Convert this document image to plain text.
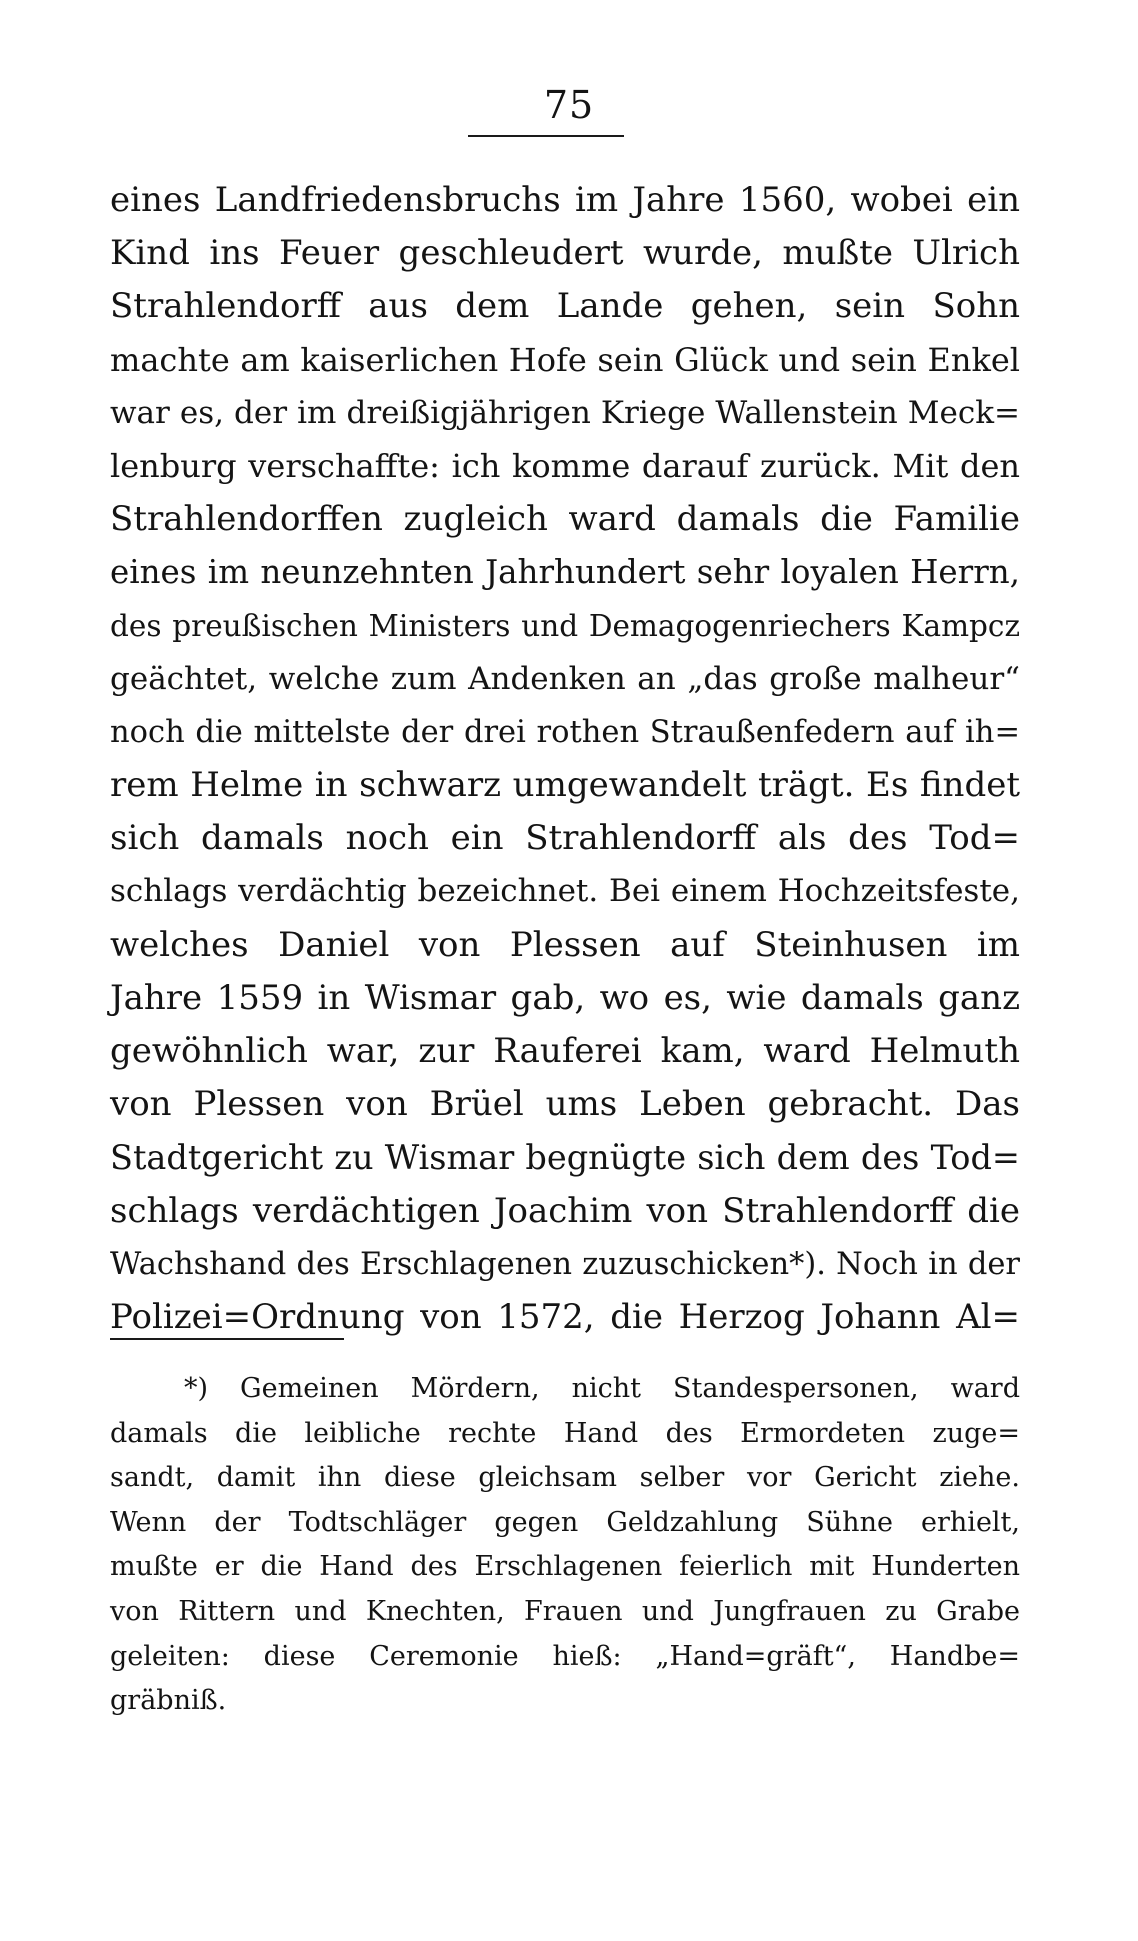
75
eines Landfriedensbruchs im Jahre 1560, wobei ein
Kind ins Feuer geschleudert wurde, mußte Ulrich
Strahlendorff aus dem Lande gehen, sein Sohn
machte am kaiserlichen Hofe sein Glück und sein Enkel
war es, der im dreißigjährigen Kriege Wallenstein Meck=
lenburg verschaffte: ich komme darauf zurück. Mit den
Strahlendorffen zugleich ward damals die Familie
eines im neunzehnten Jahrhundert sehr loyalen Herrn,
des preußischen Ministers und Demagogenriechers Kampcz
geächtet, welche zum Andenken an „das große malheur“
noch die mittelste der drei rothen Straußenfedern auf ih=
rem Helme in schwarz umgewandelt trägt. Es findet
sich damals noch ein Strahlendorff als des Tod=
schlags verdächtig bezeichnet. Bei einem Hochzeitsfeste,
welches Daniel von Plessen auf Steinhusen im
Jahre 1559 in Wismar gab, wo es, wie damals ganz
gewöhnlich war, zur Rauferei kam, ward Helmuth
von Plessen von Brüel ums Leben gebracht. Das
Stadtgericht zu Wismar begnügte sich dem des Tod=
schlags verdächtigen Joachim von Strahlendorff die
Wachshand des Erschlagenen zuzuschicken*). Noch in der
Polizei=Ordnung von 1572, die Herzog Johann Al=
*) Gemeinen Mördern, nicht Standespersonen, ward
damals die leibliche rechte Hand des Ermordeten zuge=
sandt, damit ihn diese gleichsam selber vor Gericht ziehe.
Wenn der Todtschläger gegen Geldzahlung Sühne erhielt,
mußte er die Hand des Erschlagenen feierlich mit Hunderten
von Rittern und Knechten, Frauen und Jungfrauen zu Grabe
geleiten: diese Ceremonie hieß: „Hand=gräft“, Handbe=
gräbniß.
